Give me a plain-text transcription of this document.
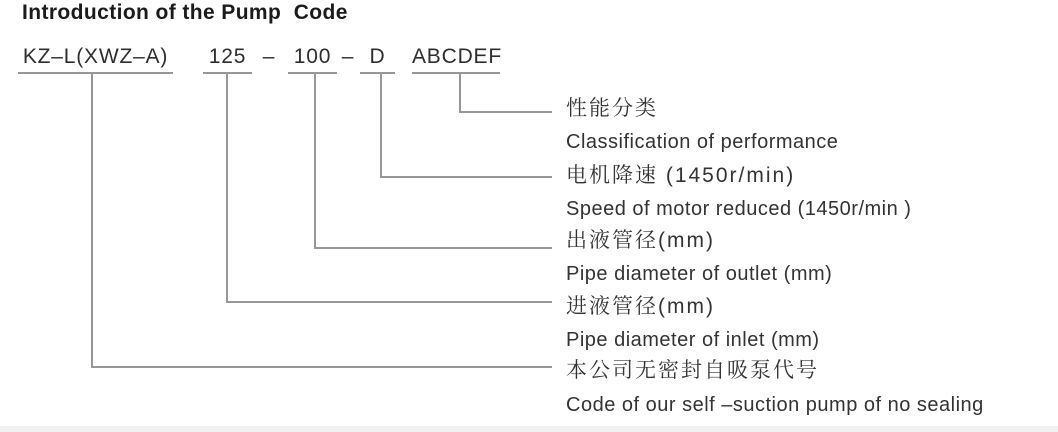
Introduction of the Pump  Code
KZ–L(XWZ–A) 125 – 100 – D	ABCDEF
性能分类
Classification of performance
电机降速 (1450r/min)
Speed of motor reduced (1450r/min )
出液管径(mm)
Pipe diameter of outlet (mm)
进液管径(mm)
Pipe diameter of inlet (mm)
本公司无密封自吸泵代号
Code of our self –suction pump of no sealing
